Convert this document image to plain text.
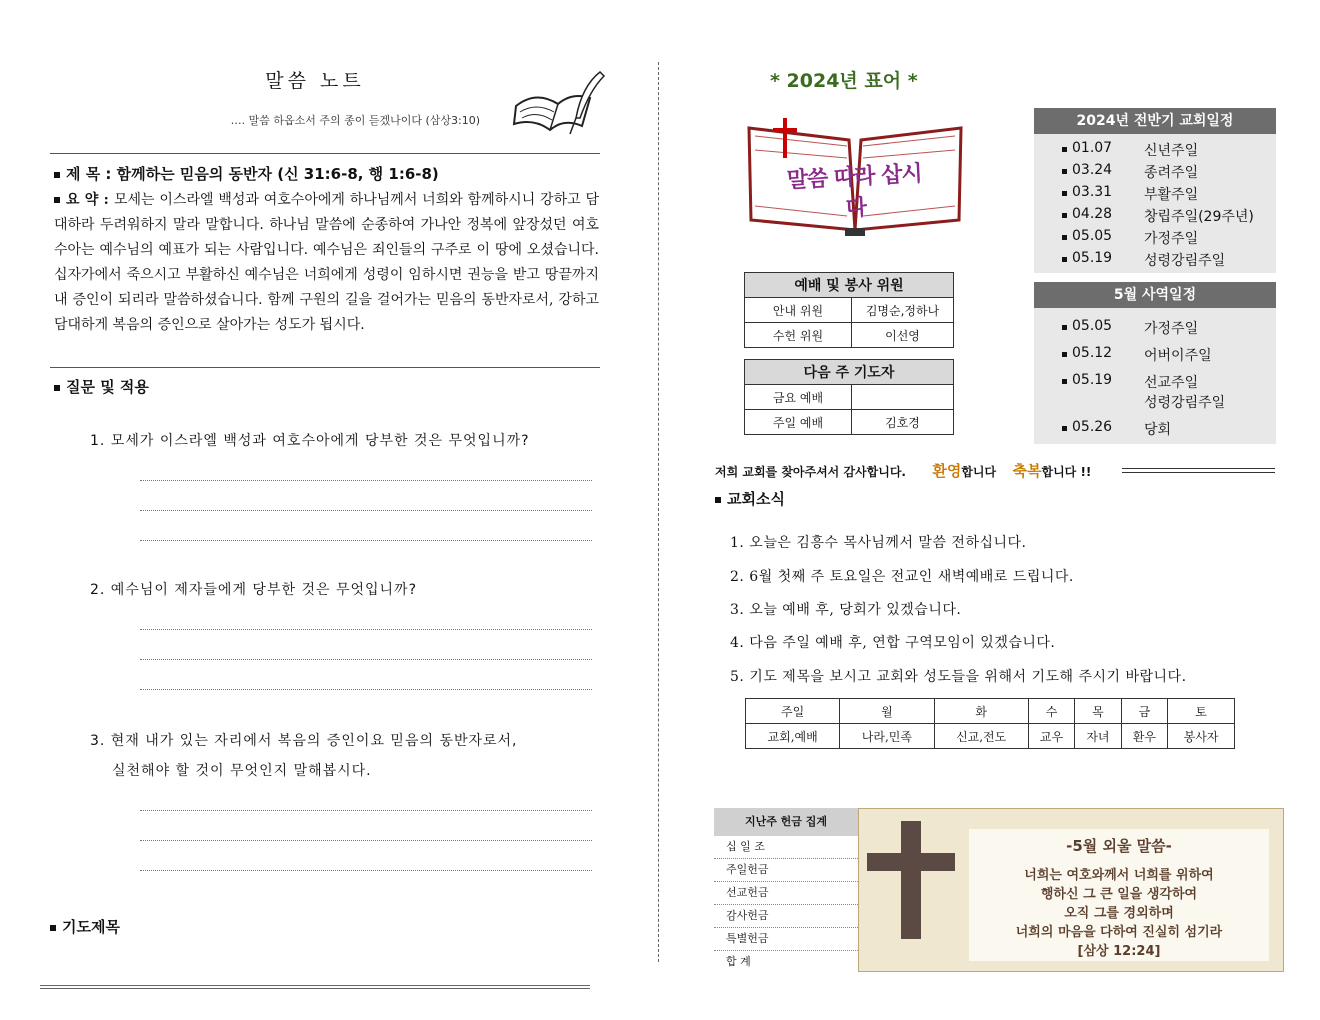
말씀 노트
…. 말씀 하옵소서 주의 종이 듣겠나이다 (삼상3:10)
제 목 : 함께하는 믿음의 동반자 (신 31:6-8, 행 1:6-8)
요 약 : 모세는 이스라엘 백성과 여호수아에게 하나님께서 너희와 함께하시니 강하고 담대하라 두려워하지 말라 말합니다. 하나님 말씀에 순종하여 가나안 정복에 앞장섰던 여호수아는 예수님의 예표가 되는 사람입니다. 예수님은 죄인들의 구주로 이 땅에 오셨습니다. 십자가에서 죽으시고 부활하신 예수님은 너희에게 성령이 임하시면 권능을 받고 땅끝까지 내 증인이 되리라 말씀하셨습니다. 함께 구원의 길을 걸어가는 믿음의 동반자로서, 강하고 담대하게 복음의 증인으로 살아가는 성도가 됩시다.
질문 및 적용
1. 모세가 이스라엘 백성과 여호수아에게 당부한 것은 무엇입니까?
2. 예수님이 제자들에게 당부한 것은 무엇입니까?
3. 현재 내가 있는 자리에서 복음의 증인이요 믿음의 동반자로서,
실천해야 할 것이 무엇인지 말해봅시다.
기도제목
* 2024년 표어 *
말씀 따라 삽시다
예배 및 봉사 위원	
안내 위원	김명순,정하나
수헌 위원	이선영
다음 주 기도자	
금요 예배	
주일 예배	김호경
2024년 전반기 교회일정
01.07 신년주일
03.24 종려주일
03.31 부활주일
04.28 창립주일(29주년)
05.05 가정주일
05.19 성령강림주일
5월 사역일정
05.05 가정주일
05.12 어버이주일
05.19 선교주일
성령강림주일
05.26 당회
저희 교회를 찾아주셔서 감사합니다. 환영합니다 축복합니다 !!
교회소식
1. 오늘은 김흥수 목사님께서 말씀 전하십니다.
2. 6월 첫째 주 토요일은 전교인 새벽예배로 드립니다.
3. 오늘 예배 후, 당회가 있겠습니다.
4. 다음 주일 예배 후, 연합 구역모임이 있겠습니다.
5. 기도 제목을 보시고 교회와 성도들을 위해서 기도해 주시기 바랍니다.
주일	월	화	수	목	금	토
교회,예배	나라,민족	신교,전도	교우	자녀	환우	봉사자
지난주 헌금 집계
십 일 조
주일헌금
선교헌금
감사헌금
특별헌금
합 계
-5월 외울 말씀-
너희는 여호와께서 너희를 위하여
행하신 그 큰 일을 생각하여
오직 그를 경외하며
너희의 마음을 다하여 진실히 섬기라
[삼상 12:24]
